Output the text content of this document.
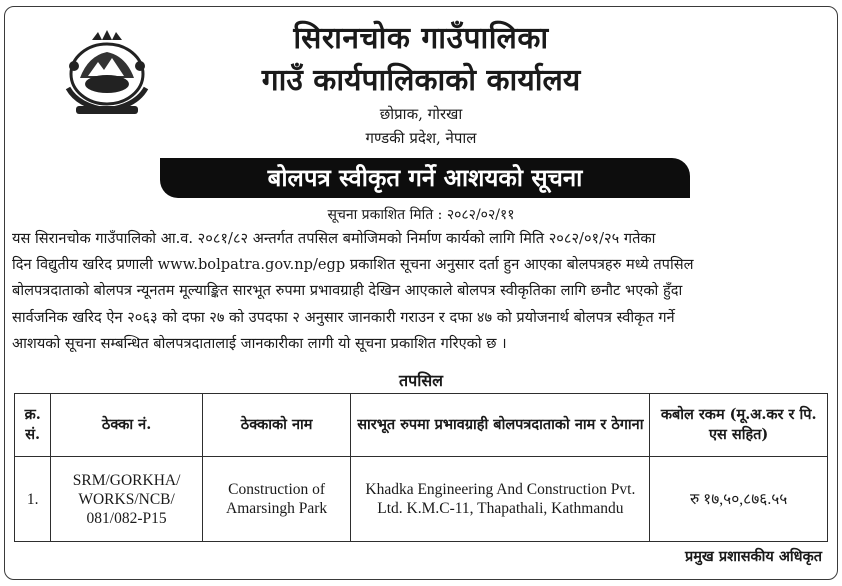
सिरानचोक गाउँपालिका
गाउँ कार्यपालिकाको कार्यालय
छोप्राक, गोरखा
गण्डकी प्रदेश, नेपाल
बोलपत्र स्वीकृत गर्ने आशयको सूचना
सूचना प्रकाशित मिति : २०८२/०२/११
यस सिरानचोक गाउँपालिको आ.व. २०८१/८२ अन्तर्गत तपसिल बमोजिमको निर्माण कार्यको लागि मिति २०८२/०१/२५ गतेका
दिन विद्युतीय खरिद प्रणाली www.bolpatra.gov.np/egp प्रकाशित सूचना अनुसार दर्ता हुन आएका बोलपत्रहरु मध्ये तपसिल
बोलपत्रदाताको बोलपत्र न्यूनतम मूल्याङ्कित सारभूत रुपमा प्रभावग्राही देखिन आएकाले बोलपत्र स्वीकृतिका लागि छनौट भएको हुँदा
सार्वजनिक खरिद ऐन २०६३ को दफा २७ को उपदफा २ अनुसार जानकारी गराउन र दफा ४७ को प्रयोजनार्थ बोलपत्र स्वीकृत गर्ने
आशयको सूचना सम्बन्धित बोलपत्रदातालाई जानकारीका लागी यो सूचना प्रकाशित गरिएको छ ।
तपसिल
क्र. सं.	ठेक्का नं.	ठेक्काको नाम	सारभूत रुपमा प्रभावग्राही बोलपत्रदाताको नाम र ठेगाना	कबोल रकम (मू.अ.कर र पि. एस सहित)
1.	SRM/GORKHA/ WORKS/NCB/ 081/082-P15	Construction of Amarsingh Park	Khadka Engineering And Construction Pvt. Ltd. K.M.C-11, Thapathali, Kathmandu	रु १७,५०,८७६.५५
प्रमुख प्रशासकीय अधिकृत
